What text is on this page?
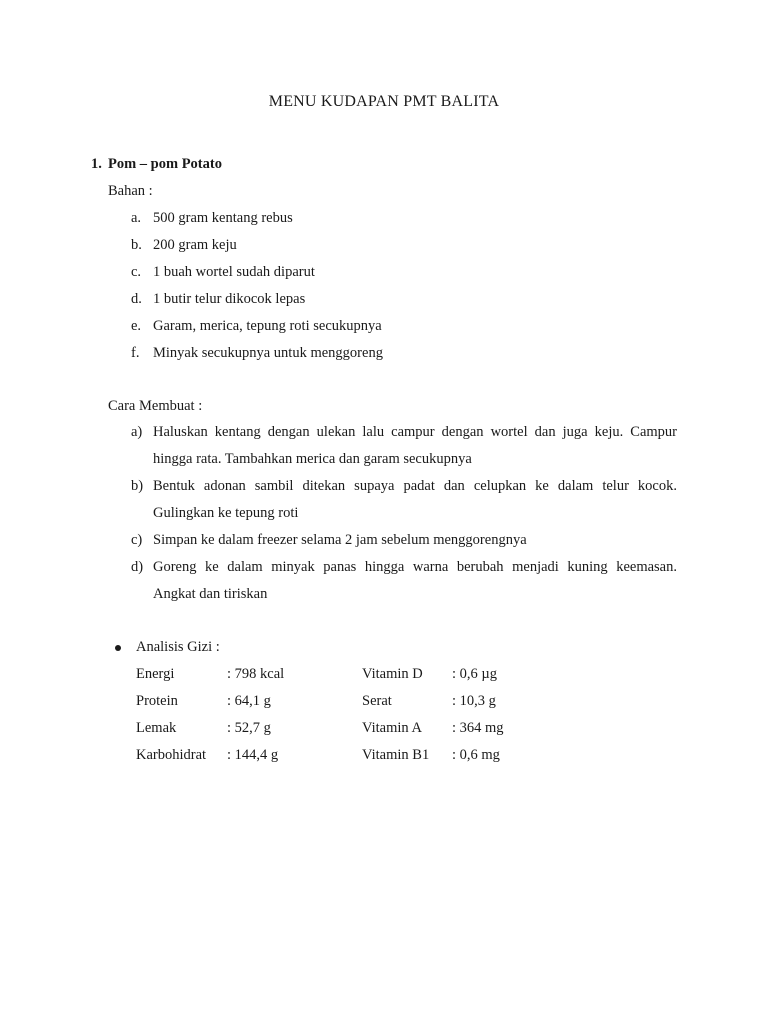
MENU KUDAPAN PMT BALITA
1. Pom – pom Potato
Bahan :
a. 500 gram kentang rebus
b. 200 gram keju
c. 1 buah wortel sudah diparut
d. 1 butir telur dikocok lepas
e. Garam, merica, tepung roti secukupnya
f. Minyak secukupnya untuk menggoreng
Cara Membuat :
a) Haluskan kentang dengan ulekan lalu campur dengan wortel dan juga keju. Campur
hingga rata. Tambahkan merica dan garam secukupnya
b) Bentuk adonan sambil ditekan supaya padat dan celupkan ke dalam telur kocok.
Gulingkan ke tepung roti
c) Simpan ke dalam freezer selama 2 jam sebelum menggorengnya
d) Goreng ke dalam minyak panas hingga warna berubah menjadi kuning keemasan.
Angkat dan tiriskan
Analisis Gizi :
Energi	: 798 kcal	Vitamin D : 0,6 µg
Protein	: 64,1 g	Serat	: 10,3 g
Lemak	: 52,7 g	Vitamin A : 364 mg
Karbohidrat : 144,4 g	Vitamin B1 : 0,6 mg
